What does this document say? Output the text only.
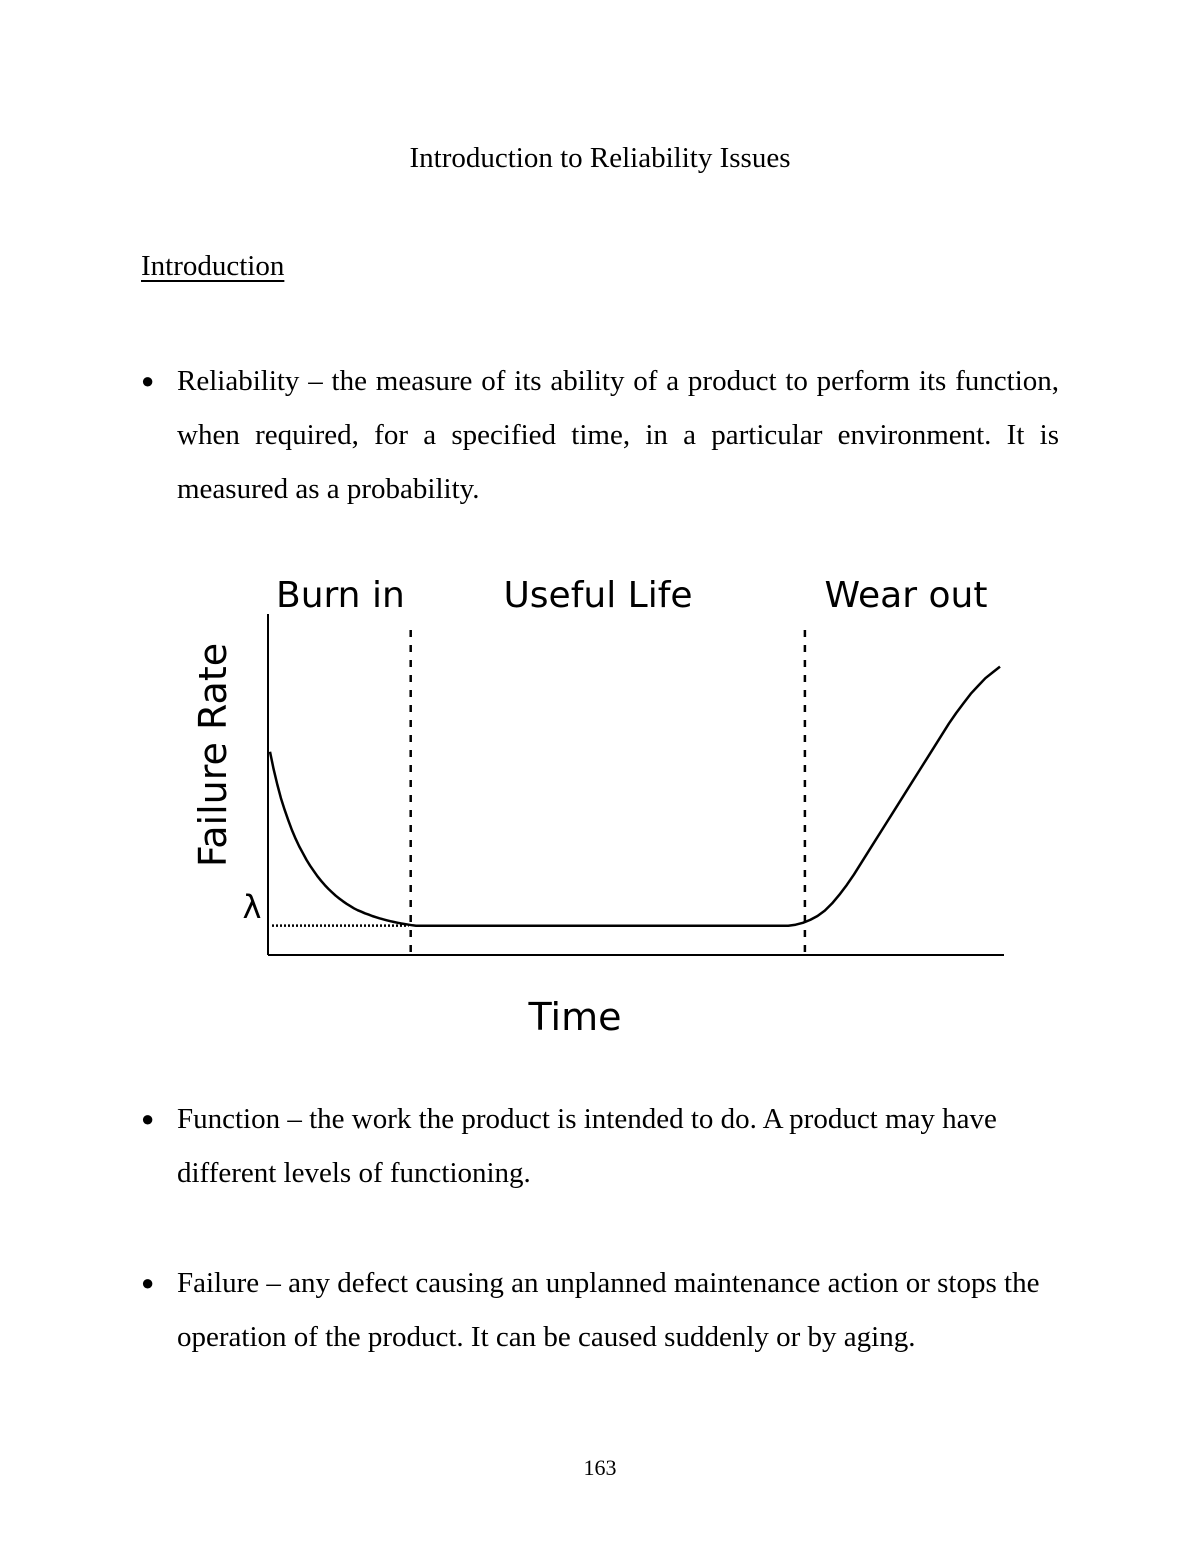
Introduction to Reliability Issues
Introduction
● Reliability – the measure of its ability of a product to perform its function, when required, for a specified time, in a particular environment. It is measured as a probability.
Burn in	Useful Life	Wear out
Failure Rate
Time
λ
● Function – the work the product is intended to do. A product may have different levels of functioning.
● Failure – any defect causing an unplanned maintenance action or stops the operation of the product. It can be caused suddenly or by aging.
163
